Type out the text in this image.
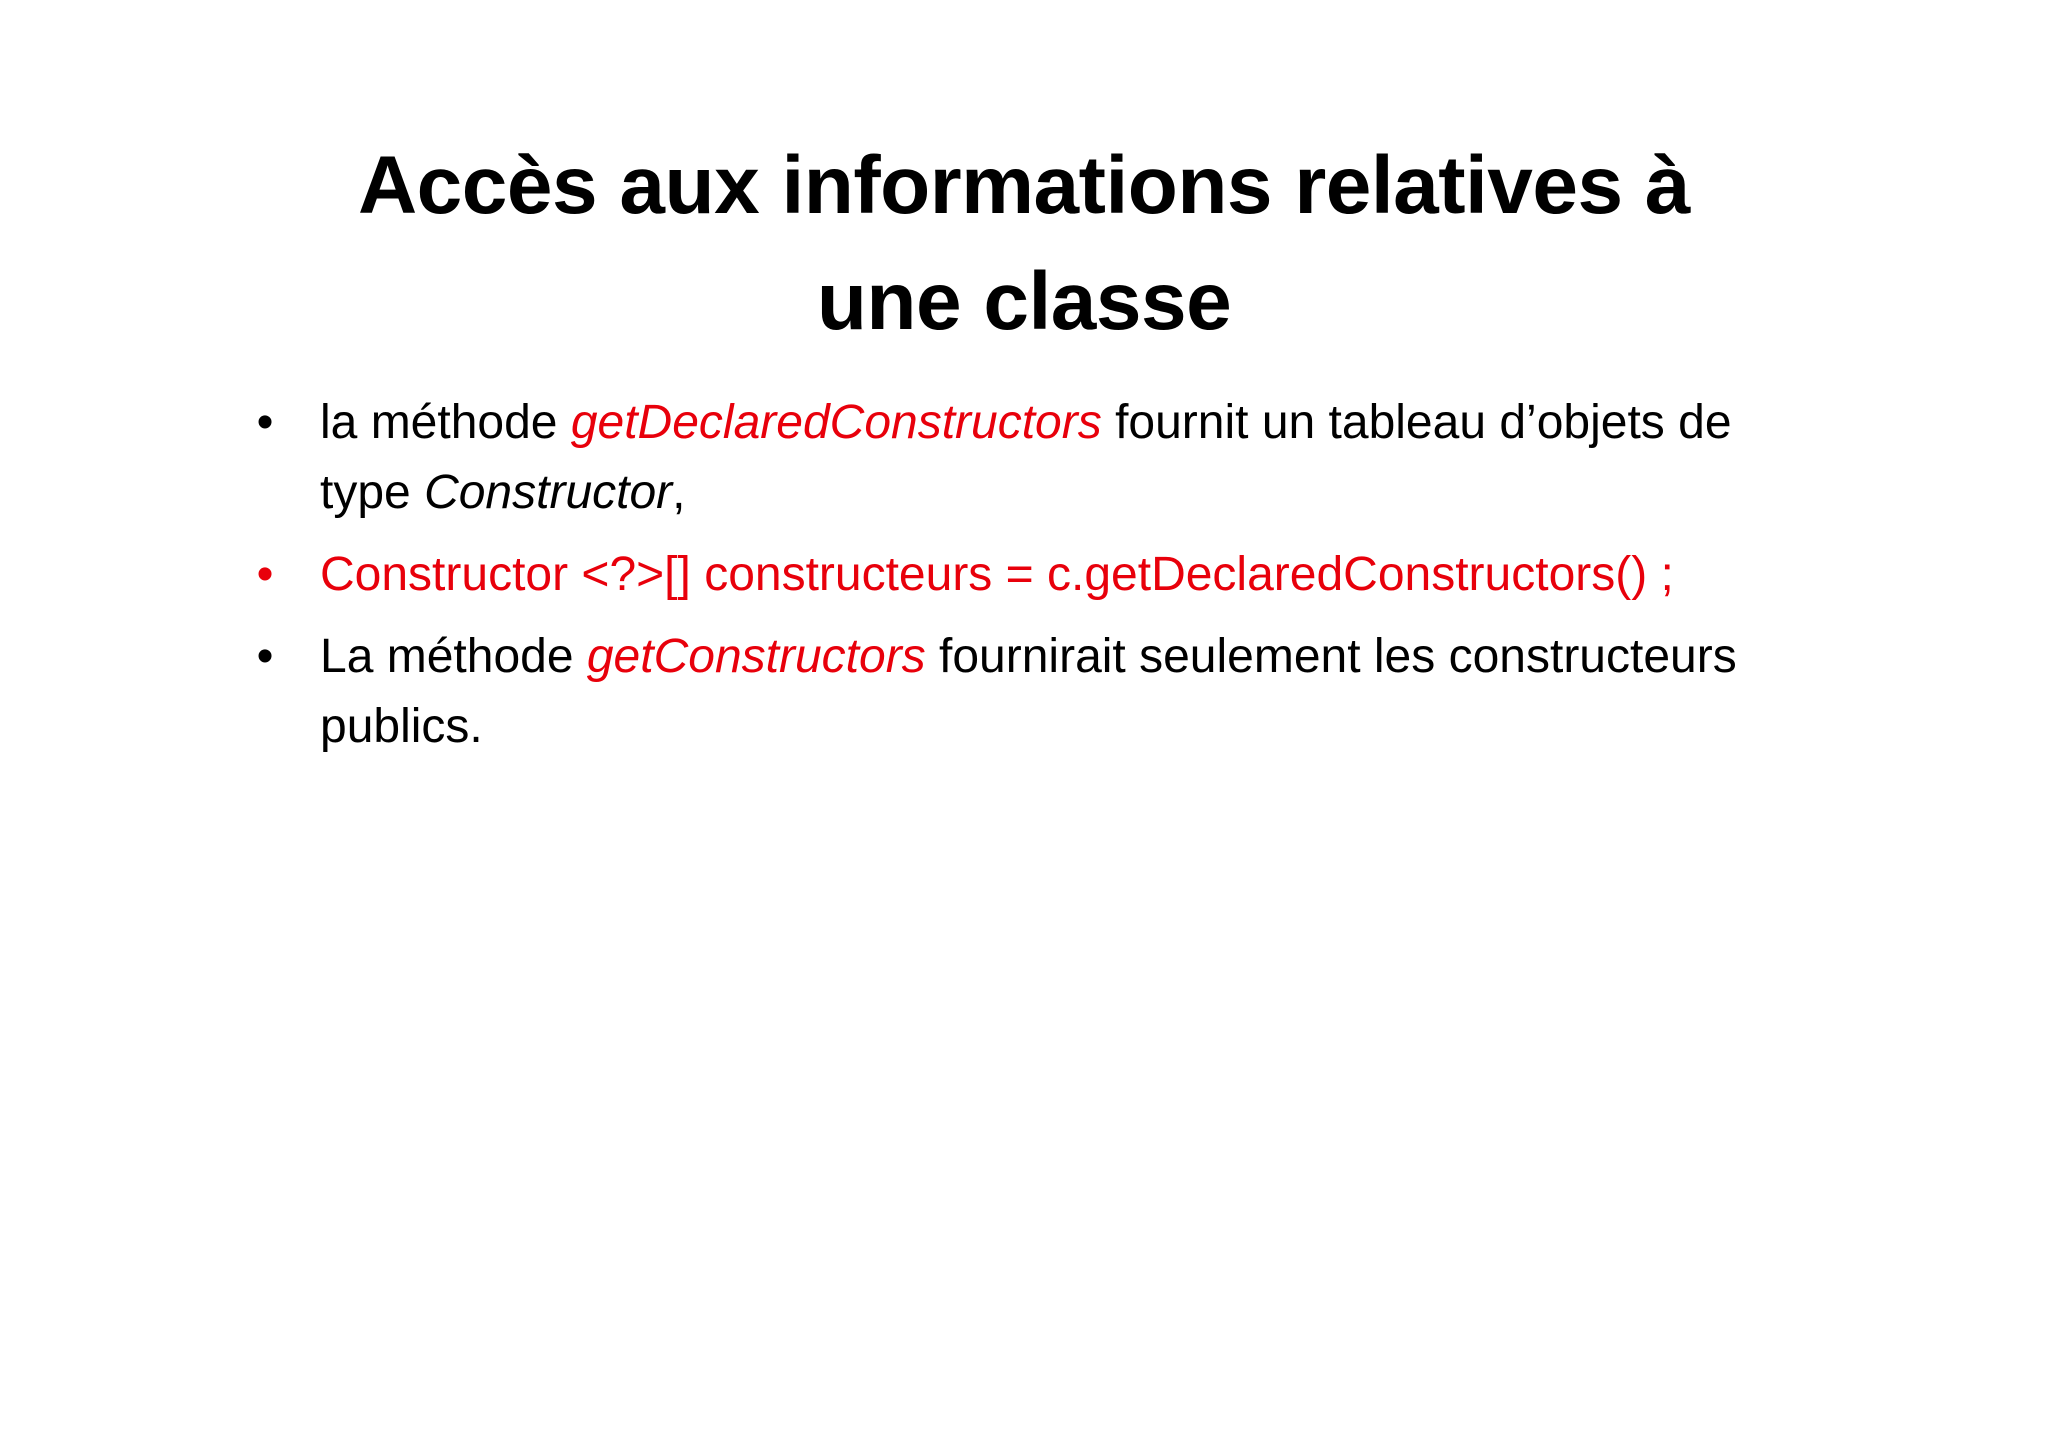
Accès aux informations relatives à
une classe
• la méthode getDeclaredConstructors fournit un tableau d’objets de type Constructor,
• Constructor <?>[] constructeurs = c.getDeclaredConstructors() ;
• La méthode getConstructors fournirait seulement les constructeurs publics.
